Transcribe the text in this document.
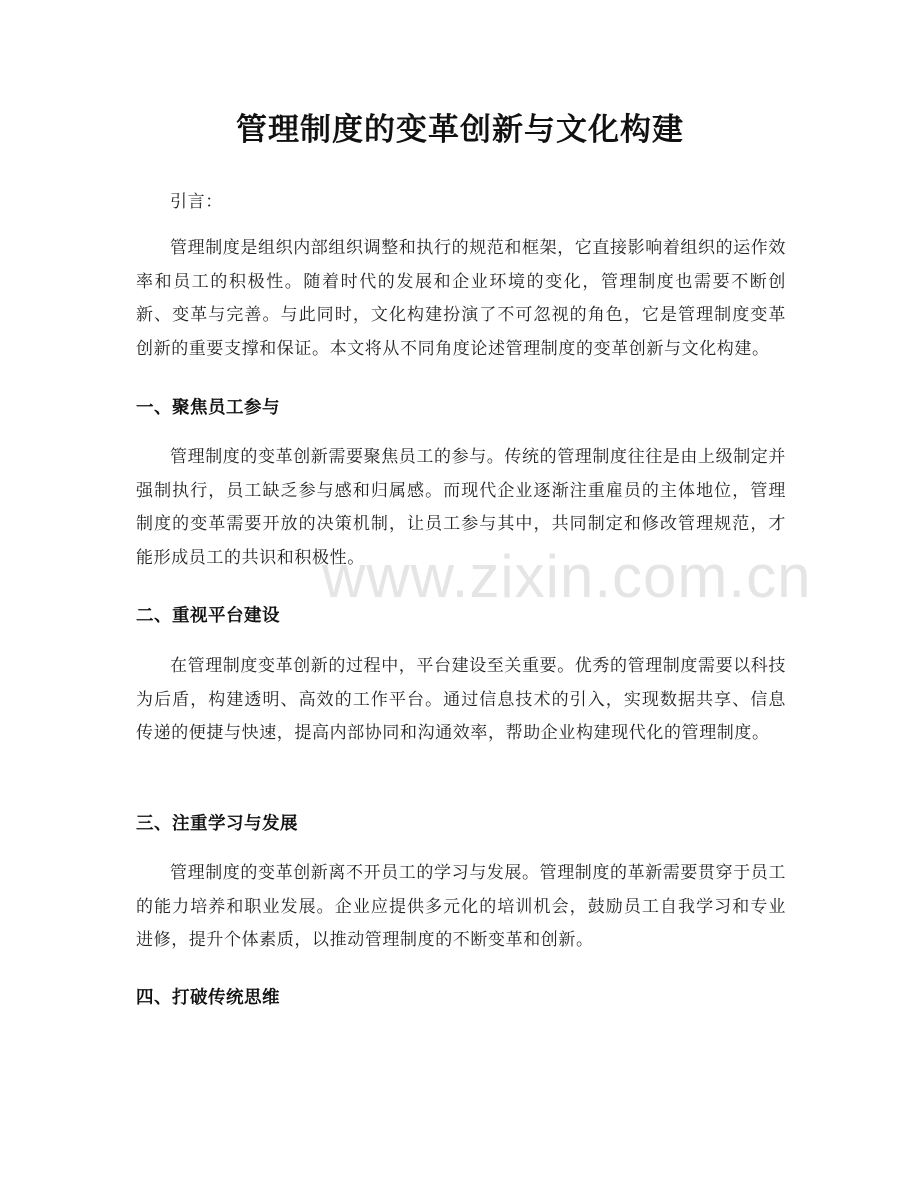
管理制度的变革创新与文化构建

引言：

管理制度是组织内部组织调整和执行的规范和框架，它直接影响着组织的运作效率和员工的积极性。随着时代的发展和企业环境的变化，管理制度也需要不断创新、变革与完善。与此同时，文化构建扮演了不可忽视的角色，它是管理制度变革创新的重要支撑和保证。本文将从不同角度论述管理制度的变革创新与文化构建。

一、聚焦员工参与

管理制度的变革创新需要聚焦员工的参与。传统的管理制度往往是由上级制定并强制执行，员工缺乏参与感和归属感。而现代企业逐渐注重雇员的主体地位，管理制度的变革需要开放的决策机制，让员工参与其中，共同制定和修改管理规范，才能形成员工的共识和积极性。

二、重视平台建设

在管理制度变革创新的过程中，平台建设至关重要。优秀的管理制度需要以科技为后盾，构建透明、高效的工作平台。通过信息技术的引入，实现数据共享、信息传递的便捷与快速，提高内部协同和沟通效率，帮助企业构建现代化的管理制度。

三、注重学习与发展

管理制度的变革创新离不开员工的学习与发展。管理制度的革新需要贯穿于员工的能力培养和职业发展。企业应提供多元化的培训机会，鼓励员工自我学习和专业进修，提升个体素质，以推动管理制度的不断变革和创新。

四、打破传统思维
www.zixin.com.cn
